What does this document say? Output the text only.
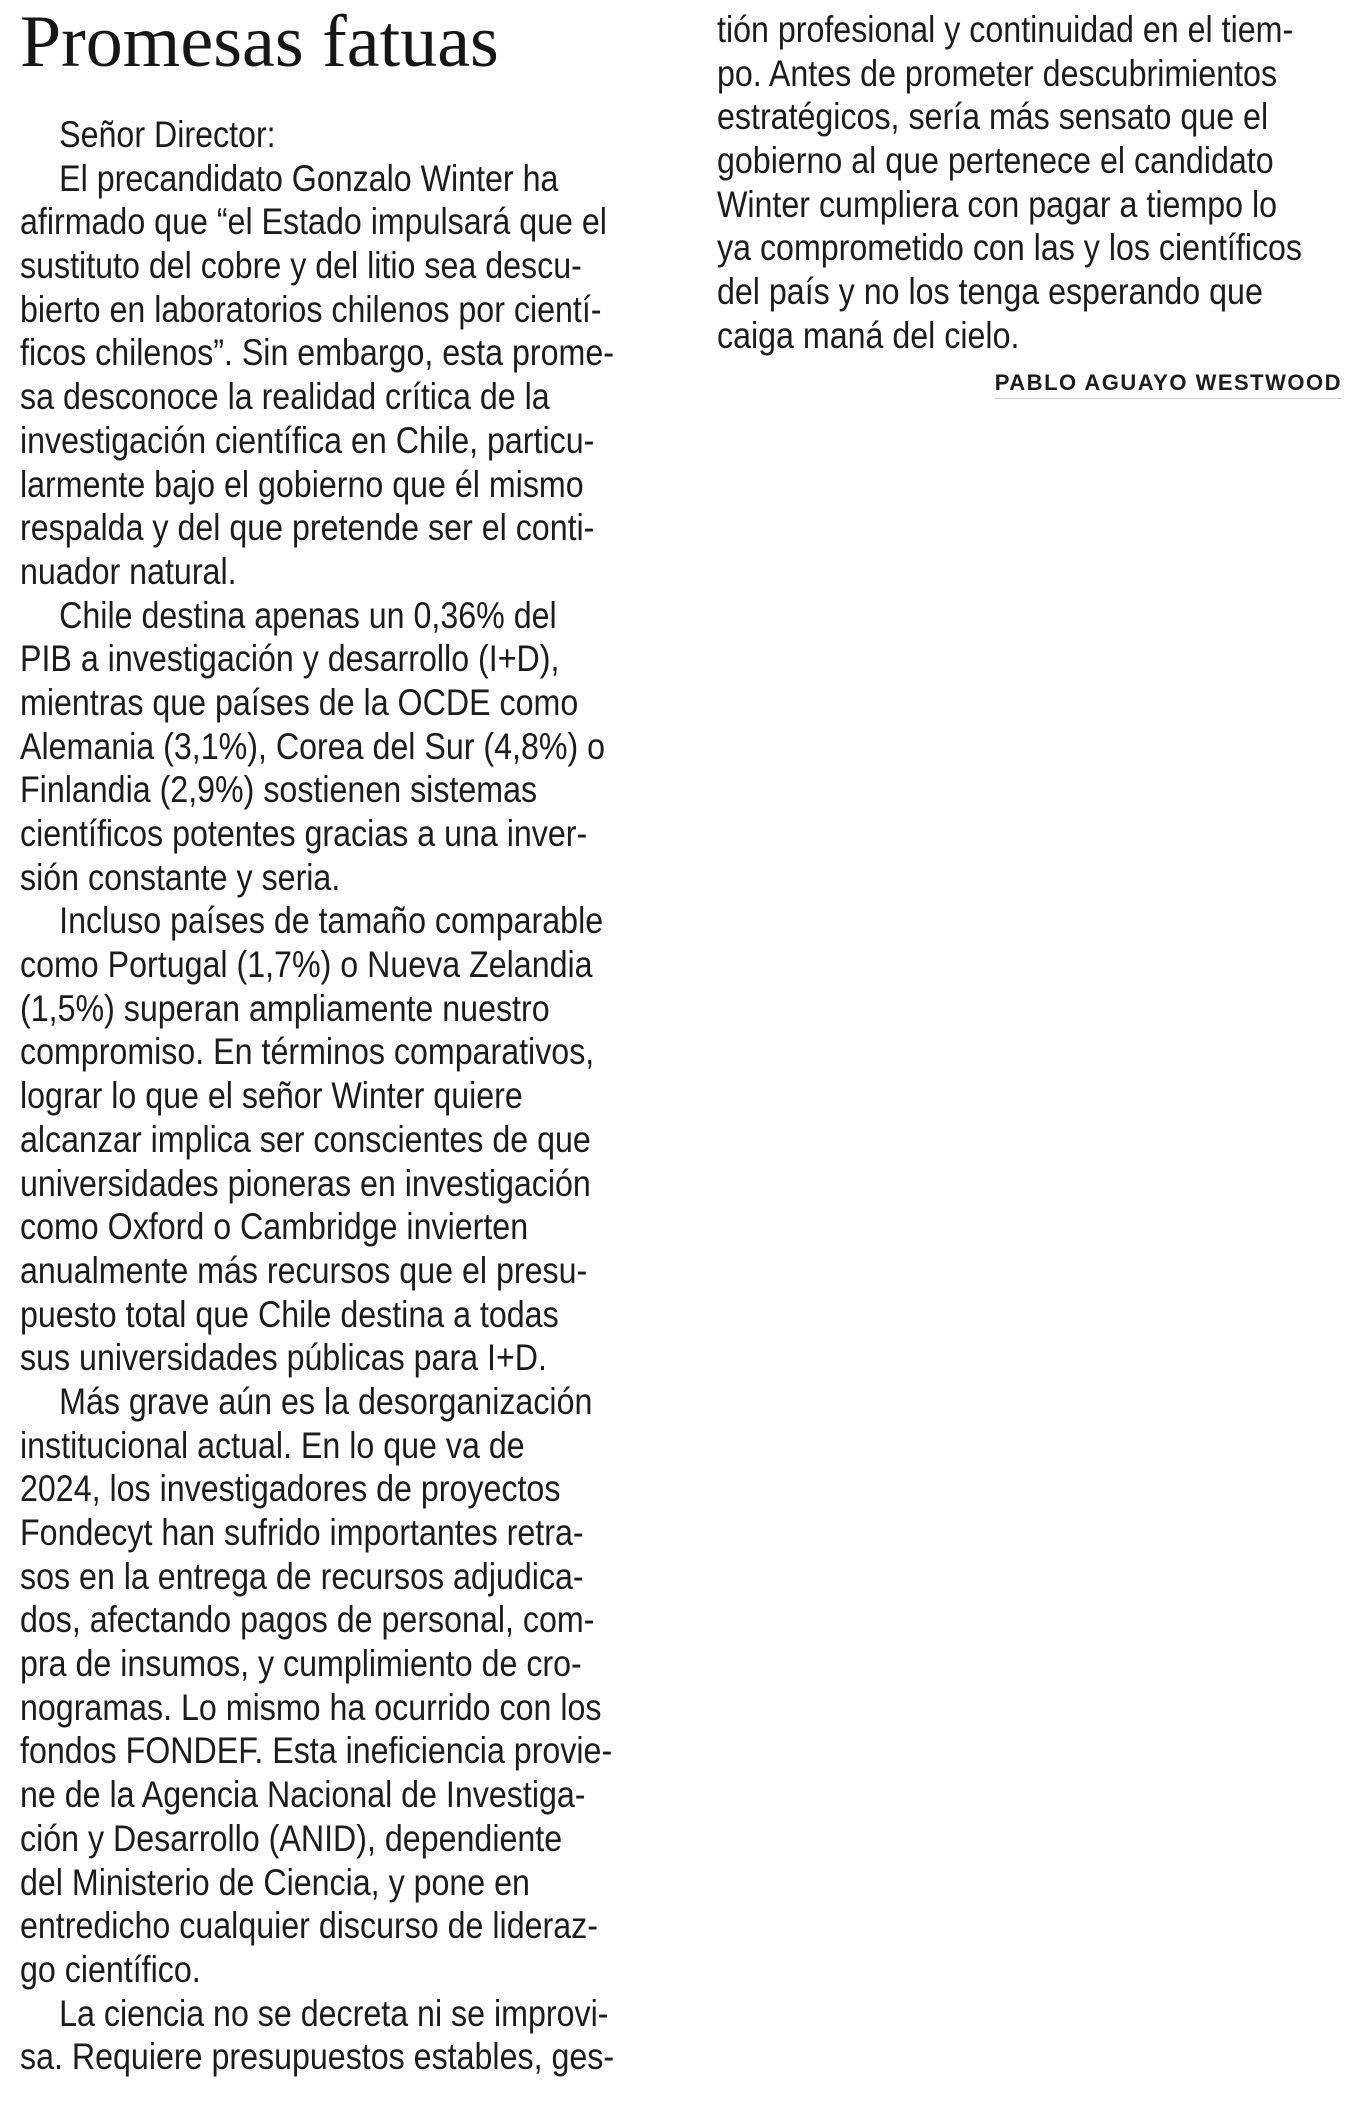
Promesas fatuas

Señor Director:

El precandidato Gonzalo Winter ha
afirmado que “el Estado impulsará que el
sustituto del cobre y del litio sea descu-
bierto en laboratorios chilenos por cientí-
ficos chilenos”. Sin embargo, esta prome-
sa desconoce la realidad crítica de la
investigación científica en Chile, particu-
larmente bajo el gobierno que él mismo
respalda y del que pretende ser el conti-
nuador natural.

Chile destina apenas un 0,36% del
PIB a investigación y desarrollo (I+D),
mientras que países de la OCDE como
Alemania (3,1%), Corea del Sur (4,8%) o
Finlandia (2,9%) sostienen sistemas
científicos potentes gracias a una inver-
sión constante y seria.

Incluso países de tamaño comparable
como Portugal (1,7%) o Nueva Zelandia
(1,5%) superan ampliamente nuestro
compromiso. En términos comparativos,
lograr lo que el señor Winter quiere
alcanzar implica ser conscientes de que
universidades pioneras en investigación
como Oxford o Cambridge invierten
anualmente más recursos que el presu-
puesto total que Chile destina a todas
sus universidades públicas para I+D.

Más grave aún es la desorganización
institucional actual. En lo que va de
2024, los investigadores de proyectos
Fondecyt han sufrido importantes retra-
sos en la entrega de recursos adjudica-
dos, afectando pagos de personal, com-
pra de insumos, y cumplimiento de cro-
nogramas. Lo mismo ha ocurrido con los
fondos FONDEF. Esta ineficiencia provie-
ne de la Agencia Nacional de Investiga-
ción y Desarrollo (ANID), dependiente
del Ministerio de Ciencia, y pone en
entredicho cualquier discurso de lideraz-
go científico.

La ciencia no se decreta ni se improvi-
sa. Requiere presupuestos estables, ges-

tión profesional y continuidad en el tiem-
po. Antes de prometer descubrimientos
estratégicos, sería más sensato que el
gobierno al que pertenece el candidato
Winter cumpliera con pagar a tiempo lo
ya comprometido con las y los científicos
del país y no los tenga esperando que
caiga maná del cielo.

PABLO AGUAYO WESTWOOD
